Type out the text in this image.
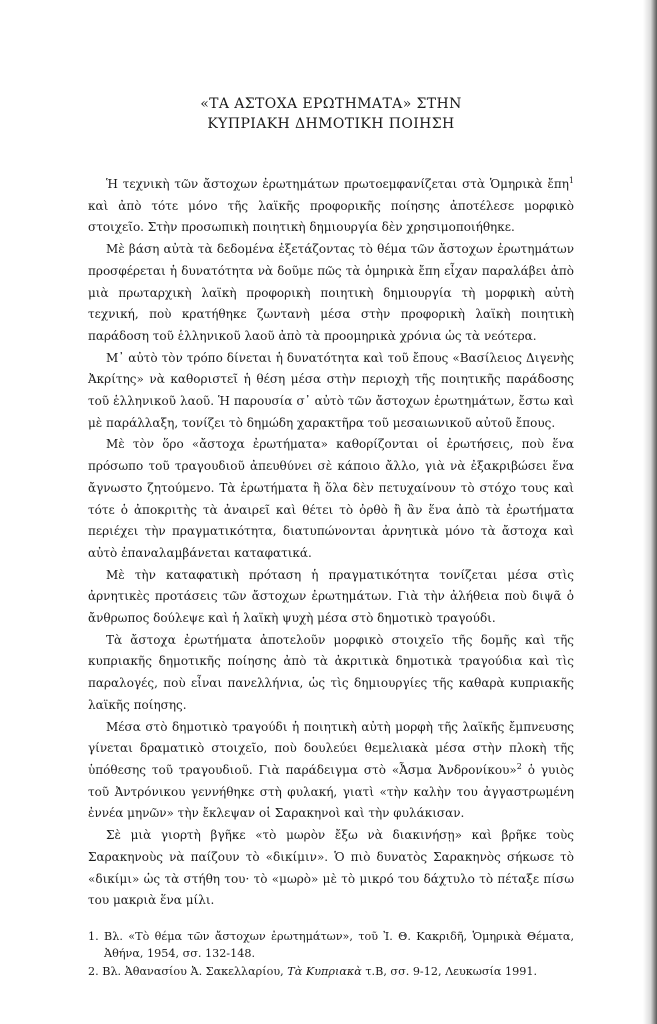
«ΤΑ ΑΣΤΟΧΑ ΕΡΩΤΗΜΑΤΑ» ΣΤΗΝ
ΚΥΠΡΙΑΚΗ ΔΗΜΟΤΙΚΗ ΠΟΙΗΣΗ

Ἡ τεχνικὴ τῶν ἄστοχων ἐρωτημάτων πρωτοεμφανίζεται στὰ Ὁμηρικὰ ἔπη$^1$ καὶ ἀπὸ τότε μόνο τῆς λαϊκῆς προφορικῆς ποίησης ἀποτέλεσε μορφικὸ στοιχεῖο. Στὴν προσωπικὴ ποιητικὴ δημιουργία δὲν χρησιμοποιήθηκε.

Μὲ βάση αὐτὰ τὰ δεδομένα ἐξετάζοντας τὸ θέμα τῶν ἄστοχων ἐρωτημάτων προσφέρεται ἡ δυνατότητα νὰ δοῦμε πῶς τὰ ὁμηρικὰ ἔπη εἶχαν παραλάβει ἀπὸ μιὰ πρωταρχικὴ λαϊκὴ προφορικὴ ποιητικὴ δημιουργία τὴ μορφικὴ αὐτὴ τεχνική, ποὺ κρατήθηκε ζωντανὴ μέσα στὴν προφορικὴ λαϊκὴ ποιητικὴ παράδοση τοῦ ἑλληνικοῦ λαοῦ ἀπὸ τὰ προομηρικὰ χρόνια ὡς τὰ νεότερα.

Μ᾽ αὐτὸ τὸν τρόπο δίνεται ἡ δυνατότητα καὶ τοῦ ἔπους «Βασίλειος Διγενὴς Ἀκρίτης» νὰ καθοριστεῖ ἡ θέση μέσα στὴν περιοχὴ τῆς ποιητικῆς παράδοσης τοῦ ἑλληνικοῦ λαοῦ. Ἡ παρουσία σ᾽ αὐτὸ τῶν ἄστοχων ἐρωτημάτων, ἔστω καὶ μὲ παράλλαξη, τονίζει τὸ δημώδη χαρακτῆρα τοῦ μεσαιωνικοῦ αὐτοῦ ἔπους.

Μὲ τὸν ὅρο «ἄστοχα ἐρωτήματα» καθορίζονται οἱ ἐρωτήσεις, ποὺ ἕνα πρόσωπο τοῦ τραγουδιοῦ ἀπευθύνει σὲ κάποιο ἄλλο, γιὰ νὰ ἐξακριβώσει ἕνα ἄγνωστο ζητούμενο. Τὰ ἐρωτήματα ἢ ὅλα δὲν πετυχαίνουν τὸ στόχο τους καὶ τότε ὁ ἀποκριτὴς τὰ ἀναιρεῖ καὶ θέτει τὸ ὀρθὸ ἢ ἂν ἕνα ἀπὸ τὰ ἐρωτήματα περιέχει τὴν πραγματικότητα, διατυπώνονται ἀρνητικὰ μόνο τὰ ἄστοχα καὶ αὐτὸ ἐπαναλαμβάνεται καταφατικά.

Μὲ τὴν καταφατικὴ πρόταση ἡ πραγματικότητα τονίζεται μέσα στὶς ἀρνητικὲς προτάσεις τῶν ἄστοχων ἐρωτημάτων. Γιὰ τὴν ἀλήθεια ποὺ διψᾶ ὁ ἄνθρωπος δούλεψε καὶ ἡ λαϊκὴ ψυχὴ μέσα στὸ δημοτικὸ τραγούδι.

Τὰ ἄστοχα ἐρωτήματα ἀποτελοῦν μορφικὸ στοιχεῖο τῆς δομῆς καὶ τῆς κυπριακῆς δημοτικῆς ποίησης ἀπὸ τὰ ἀκριτικὰ δημοτικὰ τραγούδια καὶ τὶς παραλογές, ποὺ εἶναι πανελλήνια, ὡς τὶς δημιουργίες τῆς καθαρὰ κυπριακῆς λαϊκῆς ποίησης.

Μέσα στὸ δημοτικὸ τραγούδι ἡ ποιητικὴ αὐτὴ μορφὴ τῆς λαϊκῆς ἔμπνευσης γίνεται δραματικὸ στοιχεῖο, ποὺ δουλεύει θεμελιακὰ μέσα στὴν πλοκὴ τῆς ὑπόθεσης τοῦ τραγουδιοῦ. Γιὰ παράδειγμα στὸ «Ἆσμα Ἀνδρονίκου»$^2$ ὁ γυιὸς τοῦ Ἀντρόνικου γεννήθηκε στὴ φυλακή, γιατὶ «τὴν καλὴν του ἀγγαστρωμένη ἐννέα μηνῶν» τὴν ἔκλεψαν οἱ Σαρακηνοὶ καὶ τὴν φυλάκισαν.

Σὲ μιὰ γιορτὴ βγῆκε «τὸ μωρὸν ἔξω νὰ διακινήσῃ» καὶ βρῆκε τοὺς Σαρακηνοὺς νὰ παίζουν τὸ «δικίμιν». Ὁ πιὸ δυνατὸς Σαρακηνὸς σήκωσε τὸ «δικίμι» ὡς τὰ στήθη του· τὸ «μωρὸ» μὲ τὸ μικρό του δάχτυλο τὸ πέταξε πίσω του μακριὰ ἕνα μίλι.

1. Βλ. «Τὸ θέμα τῶν ἄστοχων ἐρωτημάτων», τοῦ Ἰ. Θ. Κακριδῆ, Ὁμηρικὰ Θέματα, Ἀθήνα, 1954, σσ. 132-148.

2. Βλ. Ἀθανασίου Ἀ. Σακελλαρίου, Τὰ Κυπριακὰ τ.Β, σσ. 9-12, Λευκωσία 1991.
